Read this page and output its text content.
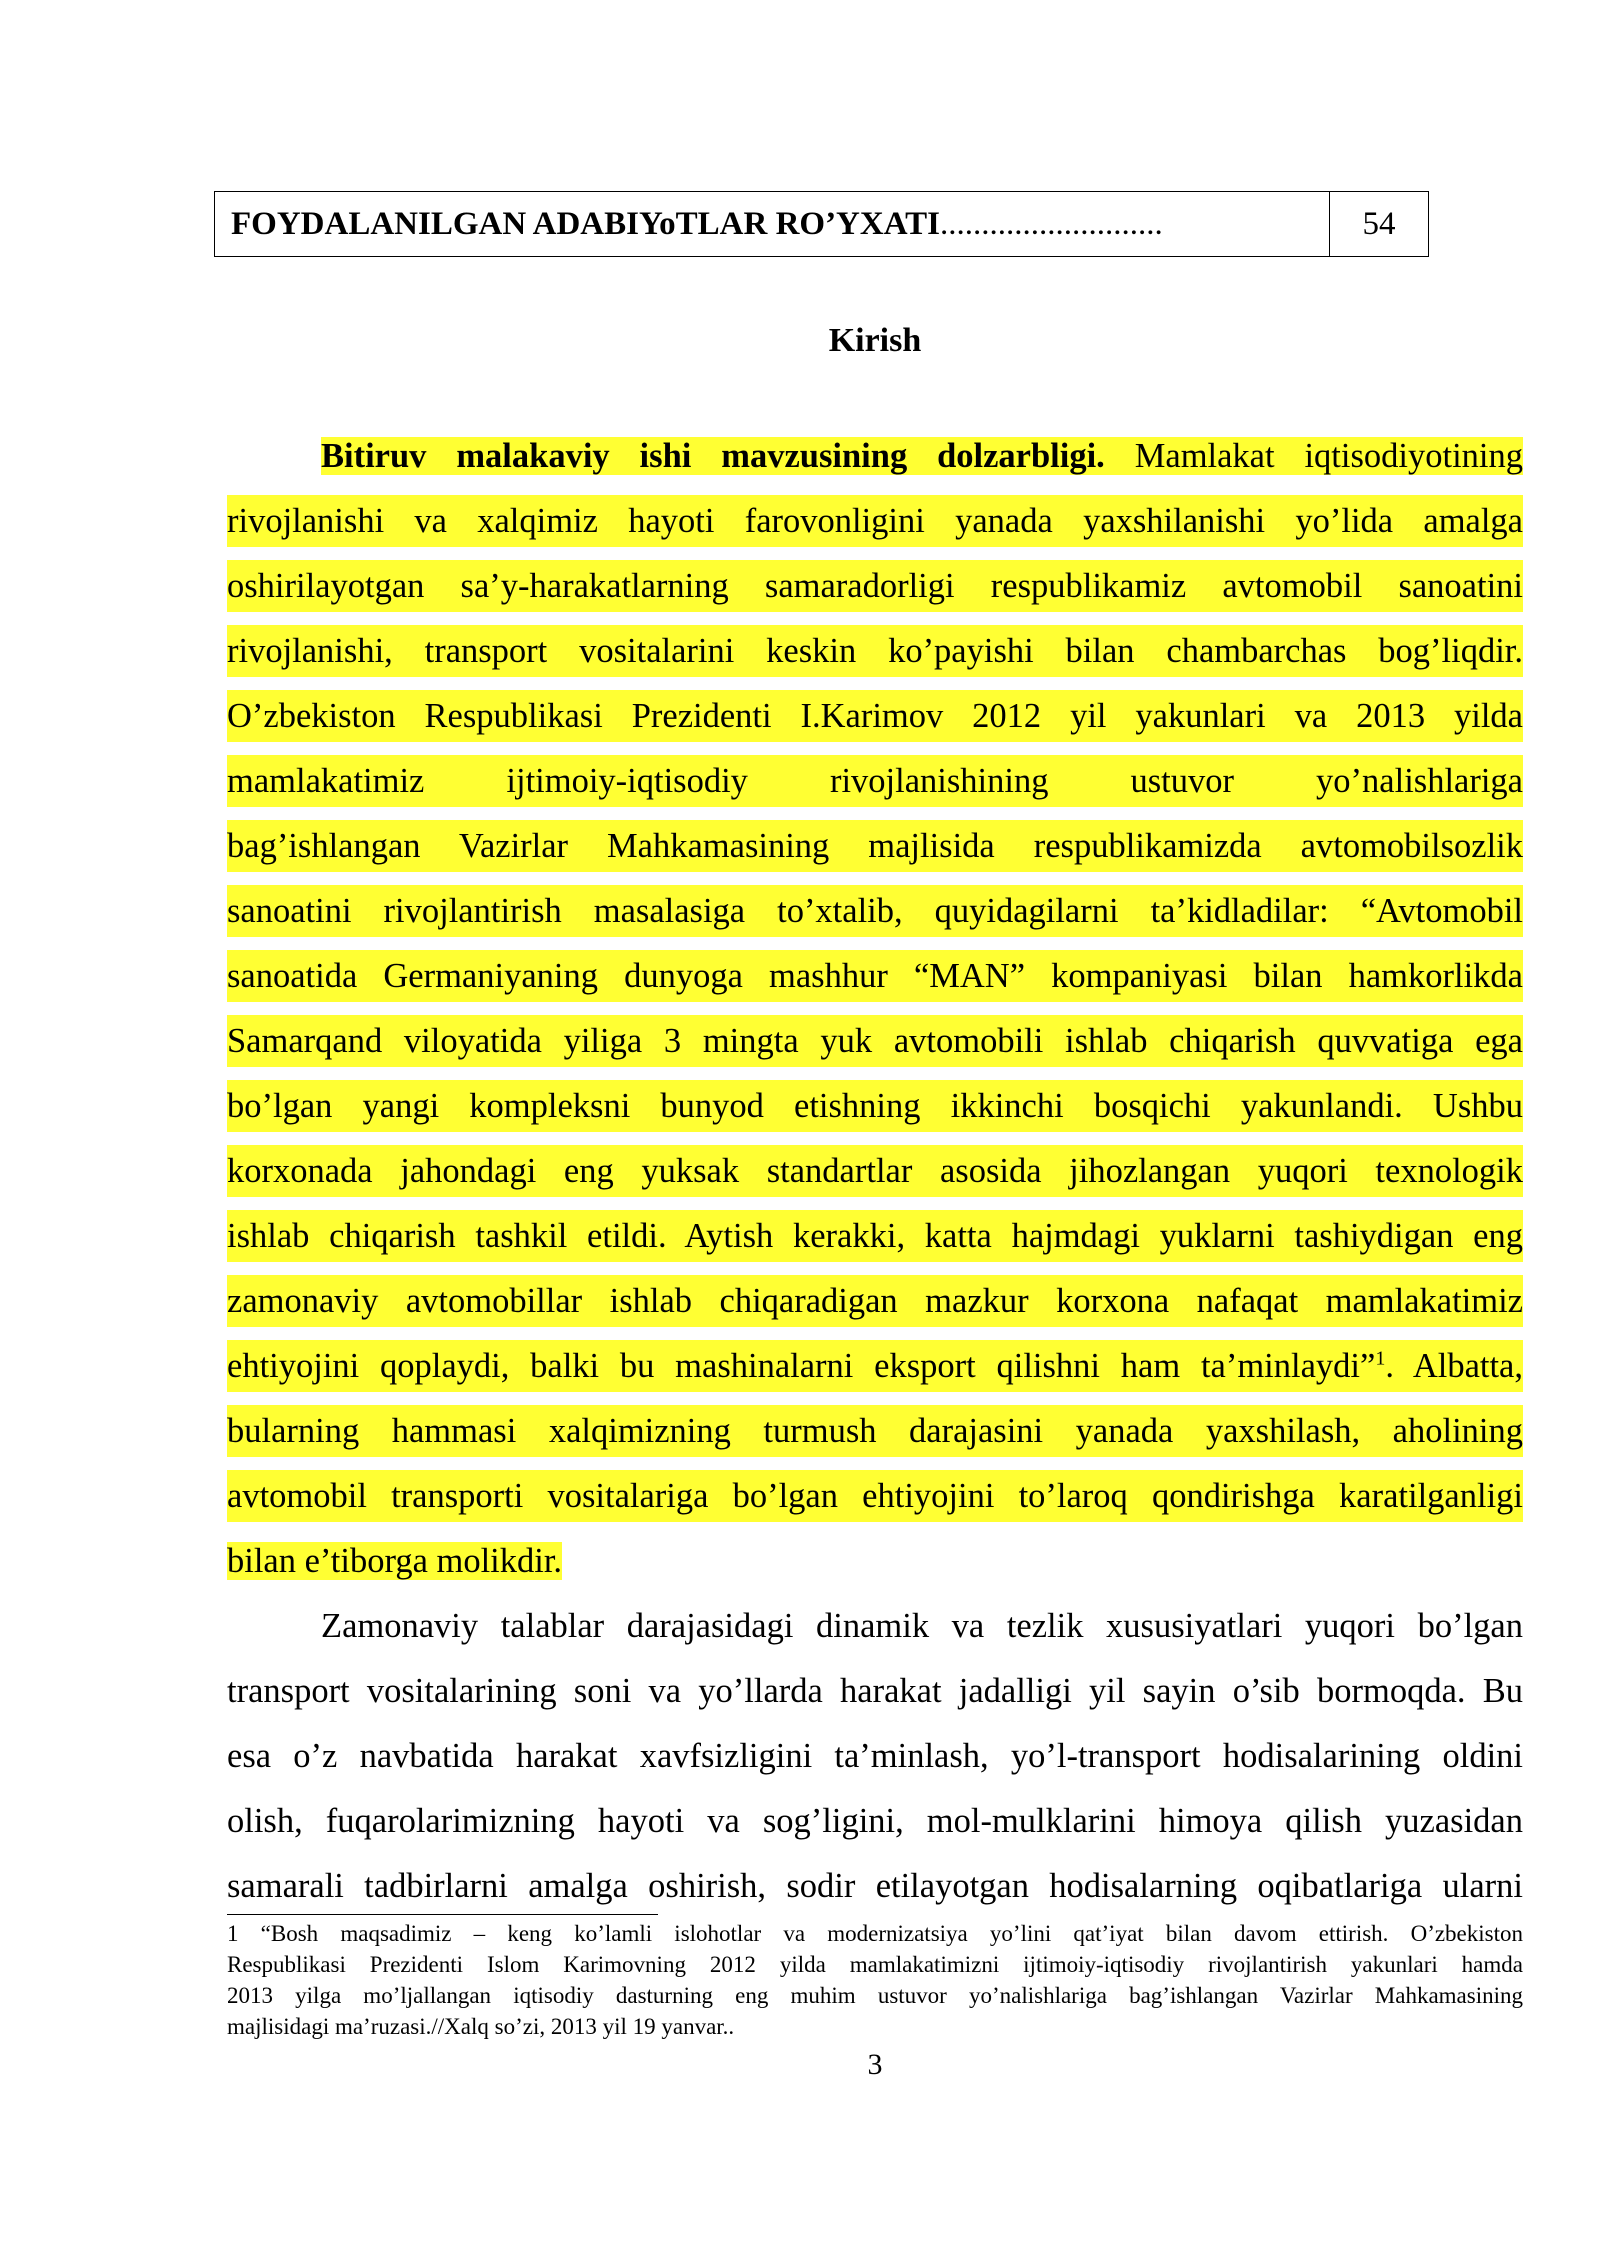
FOYDALANILGAN ADABIYoTLAR RO’YXATI ...........................	54
Kirish
Bitiruv malakaviy ishi mavzusining dolzarbligi. Mamlakat iqtisodiyotining
rivojlanishi va xalqimiz hayoti farovonligini yanada yaxshilanishi yo’lida amalga
oshirilayotgan sa’y-harakatlarning samaradorligi respublikamiz avtomobil sanoatini
rivojlanishi, transport vositalarini keskin ko’payishi bilan chambarchas bog’liqdir.
O’zbekiston Respublikasi Prezidenti I.Karimov 2012 yil yakunlari va 2013 yilda
mamlakatimiz ijtimoiy-iqtisodiy rivojlanishining ustuvor yo’nalishlariga
bag’ishlangan Vazirlar Mahkamasining majlisida respublikamizda avtomobilsozlik
sanoatini rivojlantirish masalasiga to’xtalib, quyidagilarni ta’kidladilar: “Avtomobil
sanoatida Germaniyaning dunyoga mashhur “MAN” kompaniyasi bilan hamkorlikda
Samarqand viloyatida yiliga 3 mingta yuk avtomobili ishlab chiqarish quvvatiga ega
bo’lgan yangi kompleksni bunyod etishning ikkinchi bosqichi yakunlandi. Ushbu
korxonada jahondagi eng yuksak standartlar asosida jihozlangan yuqori texnologik
ishlab chiqarish tashkil etildi. Aytish kerakki, katta hajmdagi yuklarni tashiydigan eng
zamonaviy avtomobillar ishlab chiqaradigan mazkur korxona nafaqat mamlakatimiz
ehtiyojini qoplaydi, balki bu mashinalarni eksport qilishni ham ta’minlaydi”$^1$. Albatta,
bularning hammasi xalqimizning turmush darajasini yanada yaxshilash, aholining
avtomobil transporti vositalariga bo’lgan ehtiyojini to’laroq qondirishga karatilganligi
bilan e’tiborga molikdir.
Zamonaviy talablar darajasidagi dinamik va tezlik xususiyatlari yuqori bo’lgan
transport vositalarining soni va yo’llarda harakat jadalligi yil sayin o’sib bormoqda. Bu
esa o’z navbatida harakat xavfsizligini ta’minlash, yo’l-transport hodisalarining oldini
olish, fuqarolarimizning hayoti va sog’ligini, mol-mulklarini himoya qilish yuzasidan
samarali tadbirlarni amalga oshirish, sodir etilayotgan hodisalarning oqibatlariga ularni
1 “Bosh maqsadimiz – keng ko’lamli islohotlar va modernizatsiya yo’lini qat’iyat bilan davom ettirish. O’zbekiston
Respublikasi Prezidenti Islom Karimovning 2012 yilda mamlakatimizni ijtimoiy-iqtisodiy rivojlantirish yakunlari hamda
2013 yilga mo’ljallangan iqtisodiy dasturning eng muhim ustuvor yo’nalishlariga bag’ishlangan Vazirlar Mahkamasining
majlisidagi ma’ruzasi.//Xalq so’zi, 2013 yil 19 yanvar..
3
